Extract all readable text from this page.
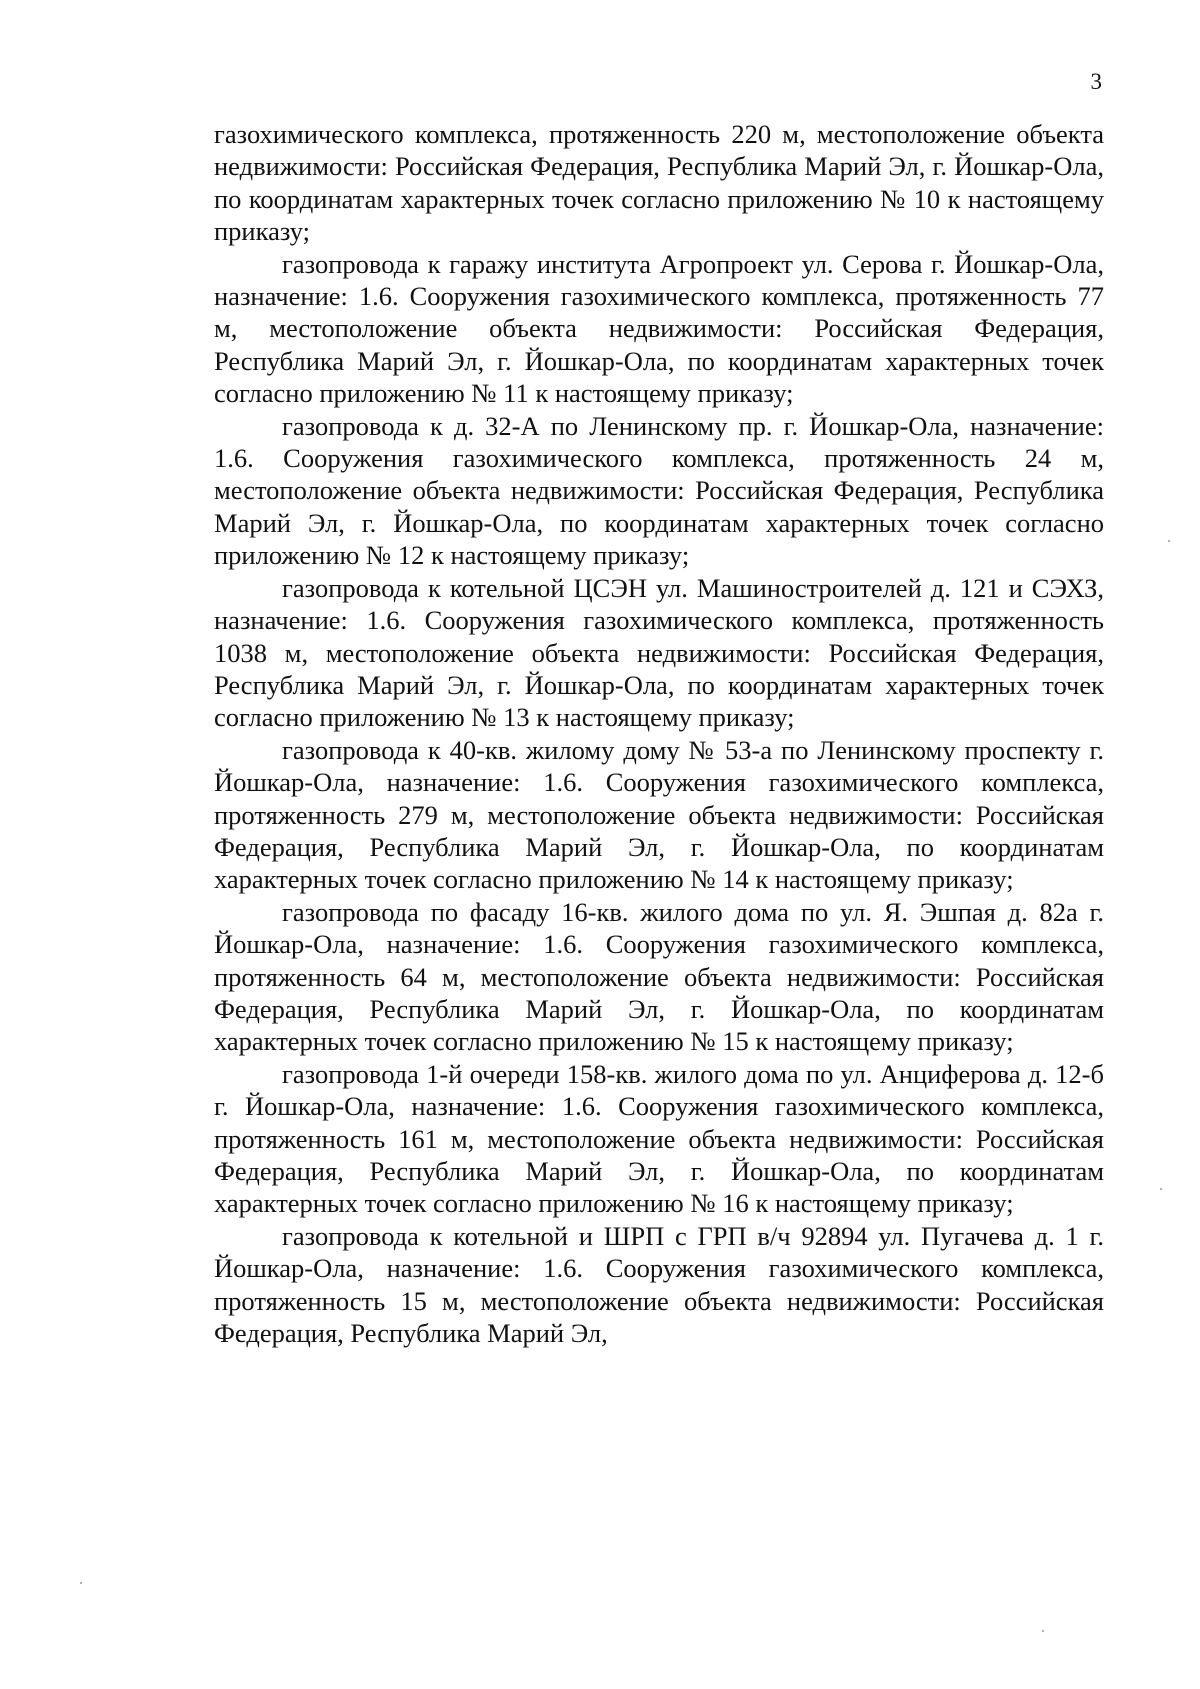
3

газохимического комплекса, протяженность 220 м, местоположение объекта недвижимости: Российская Федерация, Республика Марий Эл, г. Йошкар-Ола, по координатам характерных точек согласно приложению № 10 к настоящему приказу;

газопровода к гаражу института Агропроект ул. Серова г. Йошкар-Ола, назначение: 1.6. Сооружения газохимического комплекса, протяженность 77 м, местоположение объекта недвижимости: Российская Федерация, Республика Марий Эл, г. Йошкар-Ола, по координатам характерных точек согласно приложению № 11 к настоящему приказу;

газопровода к д. 32-А по Ленинскому пр. г. Йошкар-Ола, назначение: 1.6. Сооружения газохимического комплекса, протяженность 24 м, местоположение объекта недвижимости: Российская Федерация, Республика Марий Эл, г. Йошкар-Ола, по координатам характерных точек согласно приложению № 12 к настоящему приказу;

газопровода к котельной ЦСЭН ул. Машиностроителей д. 121 и СЭХЗ, назначение: 1.6. Сооружения газохимического комплекса, протяженность 1038 м, местоположение объекта недвижимости: Российская Федерация, Республика Марий Эл, г. Йошкар-Ола, по координатам характерных точек согласно приложению № 13 к настоящему приказу;

газопровода к 40-кв. жилому дому № 53-а по Ленинскому проспекту г. Йошкар-Ола, назначение: 1.6. Сооружения газохимического комплекса, протяженность 279 м, местоположение объекта недвижимости: Российская Федерация, Республика Марий Эл, г. Йошкар-Ола, по координатам характерных точек согласно приложению № 14 к настоящему приказу;

газопровода по фасаду 16-кв. жилого дома по ул. Я. Эшпая д. 82а г. Йошкар-Ола, назначение: 1.6. Сооружения газохимического комплекса, протяженность 64 м, местоположение объекта недвижимости: Российская Федерация, Республика Марий Эл, г. Йошкар-Ола, по координатам характерных точек согласно приложению № 15 к настоящему приказу;

газопровода 1-й очереди 158-кв. жилого дома по ул. Анциферова д. 12-б г. Йошкар-Ола, назначение: 1.6. Сооружения газохимического комплекса, протяженность 161 м, местоположение объекта недвижимости: Российская Федерация, Республика Марий Эл, г. Йошкар-Ола, по координатам характерных точек согласно приложению № 16 к настоящему приказу;

газопровода к котельной и ШРП с ГРП в/ч 92894 ул. Пугачева д. 1 г. Йошкар-Ола, назначение: 1.6. Сооружения газохимического комплекса, протяженность 15 м, местоположение объекта недвижимости: Российская Федерация, Республика Марий Эл,
